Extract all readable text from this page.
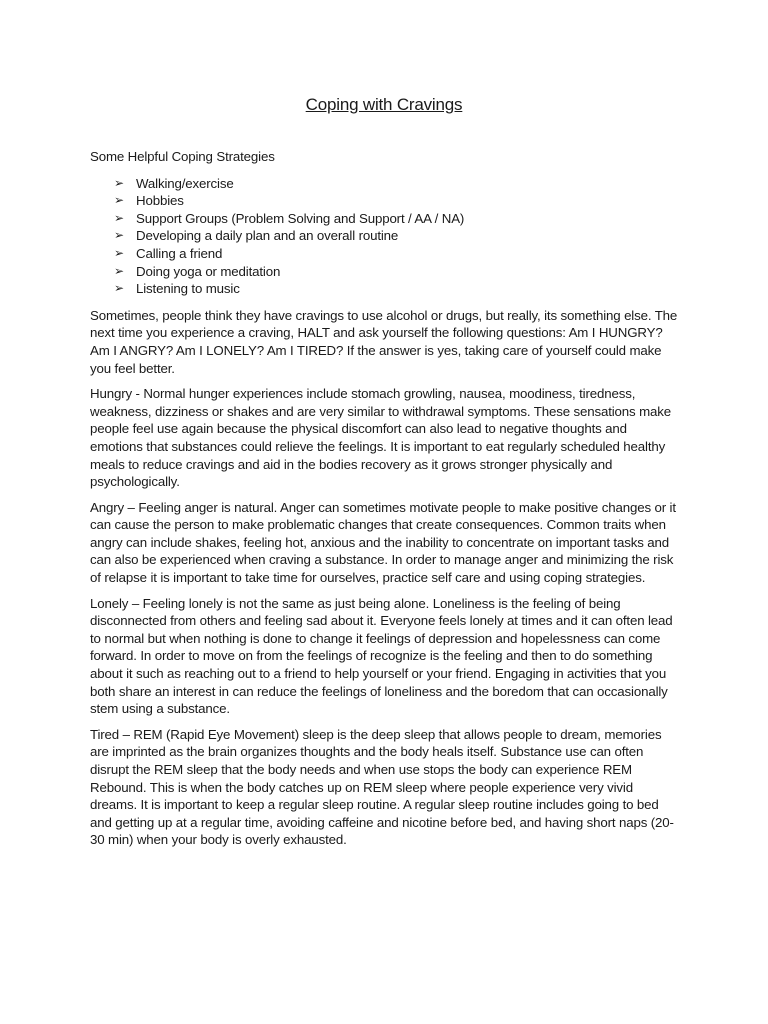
Coping with Cravings

Some Helpful Coping Strategies

➢ Walking/exercise
➢ Hobbies
➢ Support Groups (Problem Solving and Support / AA / NA)
➢ Developing a daily plan and an overall routine
➢ Calling a friend
➢ Doing yoga or meditation
➢ Listening to music

Sometimes, people think they have cravings to use alcohol or drugs, but really, its something else. The next time you experience a craving, HALT and ask yourself the following questions: Am I HUNGRY? Am I ANGRY? Am I LONELY? Am I TIRED? If the answer is yes, taking care of yourself could make you feel better.

Hungry - Normal hunger experiences include stomach growling, nausea, moodiness, tiredness, weakness, dizziness or shakes and are very similar to withdrawal symptoms. These sensations make people feel use again because the physical discomfort can also lead to negative thoughts and emotions that substances could relieve the feelings. It is important to eat regularly scheduled healthy meals to reduce cravings and aid in the bodies recovery as it grows stronger physically and psychologically.

Angry – Feeling anger is natural. Anger can sometimes motivate people to make positive changes or it can cause the person to make problematic changes that create consequences. Common traits when angry can include shakes, feeling hot, anxious and the inability to concentrate on important tasks and can also be experienced when craving a substance. In order to manage anger and minimizing the risk of relapse it is important to take time for ourselves, practice self care and using coping strategies.

Lonely – Feeling lonely is not the same as just being alone. Loneliness is the feeling of being disconnected from others and feeling sad about it. Everyone feels lonely at times and it can often lead to normal but when nothing is done to change it feelings of depression and hopelessness can come forward. In order to move on from the feelings of recognize is the feeling and then to do something about it such as reaching out to a friend to help yourself or your friend. Engaging in activities that you both share an interest in can reduce the feelings of loneliness and the boredom that can occasionally stem using a substance.

Tired – REM (Rapid Eye Movement) sleep is the deep sleep that allows people to dream, memories are imprinted as the brain organizes thoughts and the body heals itself. Substance use can often disrupt the REM sleep that the body needs and when use stops the body can experience REM Rebound. This is when the body catches up on REM sleep where people experience very vivid dreams. It is important to keep a regular sleep routine. A regular sleep routine includes going to bed and getting up at a regular time, avoiding caffeine and nicotine before bed, and having short naps (20-30 min) when your body is overly exhausted.
